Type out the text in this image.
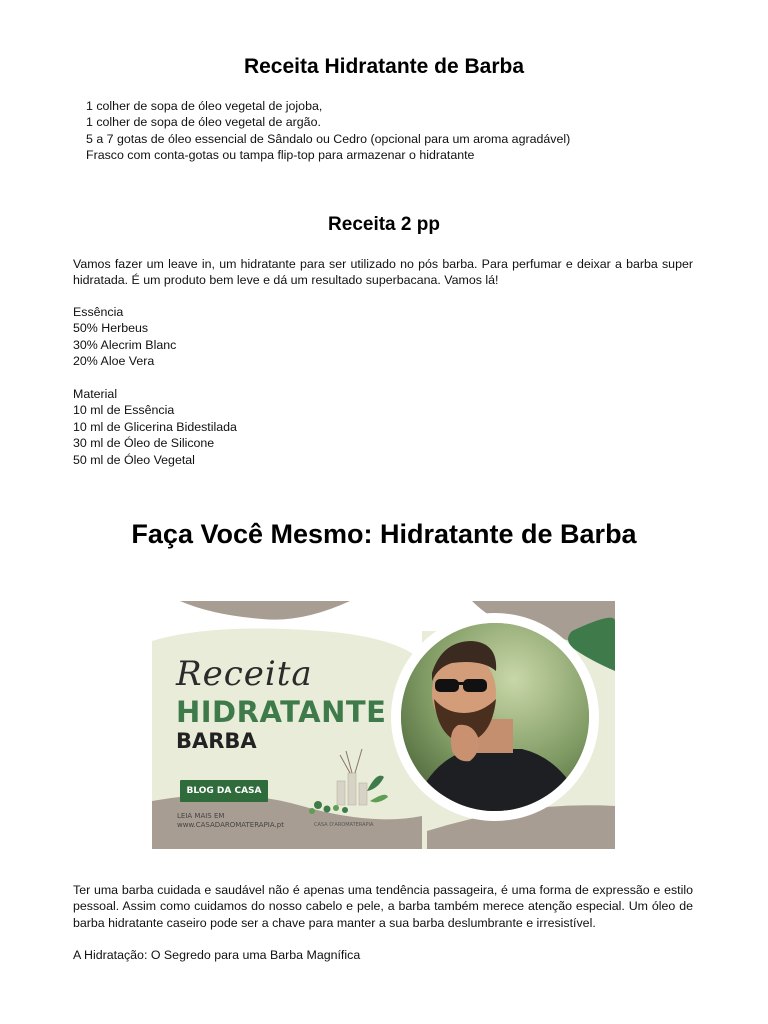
Receita Hidratante de Barba
1 colher de sopa de óleo vegetal de jojoba,
1 colher de sopa de óleo vegetal de argão.
5 a 7 gotas de óleo essencial de Sândalo ou Cedro (opcional para um aroma agradável)
Frasco com conta-gotas ou tampa flip-top para armazenar o hidratante
Receita 2 pp
Vamos fazer um leave in, um hidratante para ser utilizado no pós barba. Para perfumar e deixar a barba super hidratada. É um produto bem leve e dá um resultado superbacana. Vamos lá!
Essência
50% Herbeus
30% Alecrim Blanc
20% Aloe Vera
Material
10 ml de Essência
10 ml de Glicerina Bidestilada
30 ml de Óleo de Silicone
50 ml de Óleo Vegetal
Faça Você Mesmo: Hidratante de Barba
Receita
HIDRATANTE
BARBA
BLOG DA CASA
LEIA MAIS EM
www.CASADAROMATERAPIA.pt	CASA D'AROMATERAPIA
Ter uma barba cuidada e saudável não é apenas uma tendência passageira, é uma forma de expressão e estilo pessoal. Assim como cuidamos do nosso cabelo e pele, a barba também merece atenção especial. Um óleo de barba hidratante caseiro pode ser a chave para manter a sua barba deslumbrante e irresistível.
A Hidratação: O Segredo para uma Barba Magnífica
